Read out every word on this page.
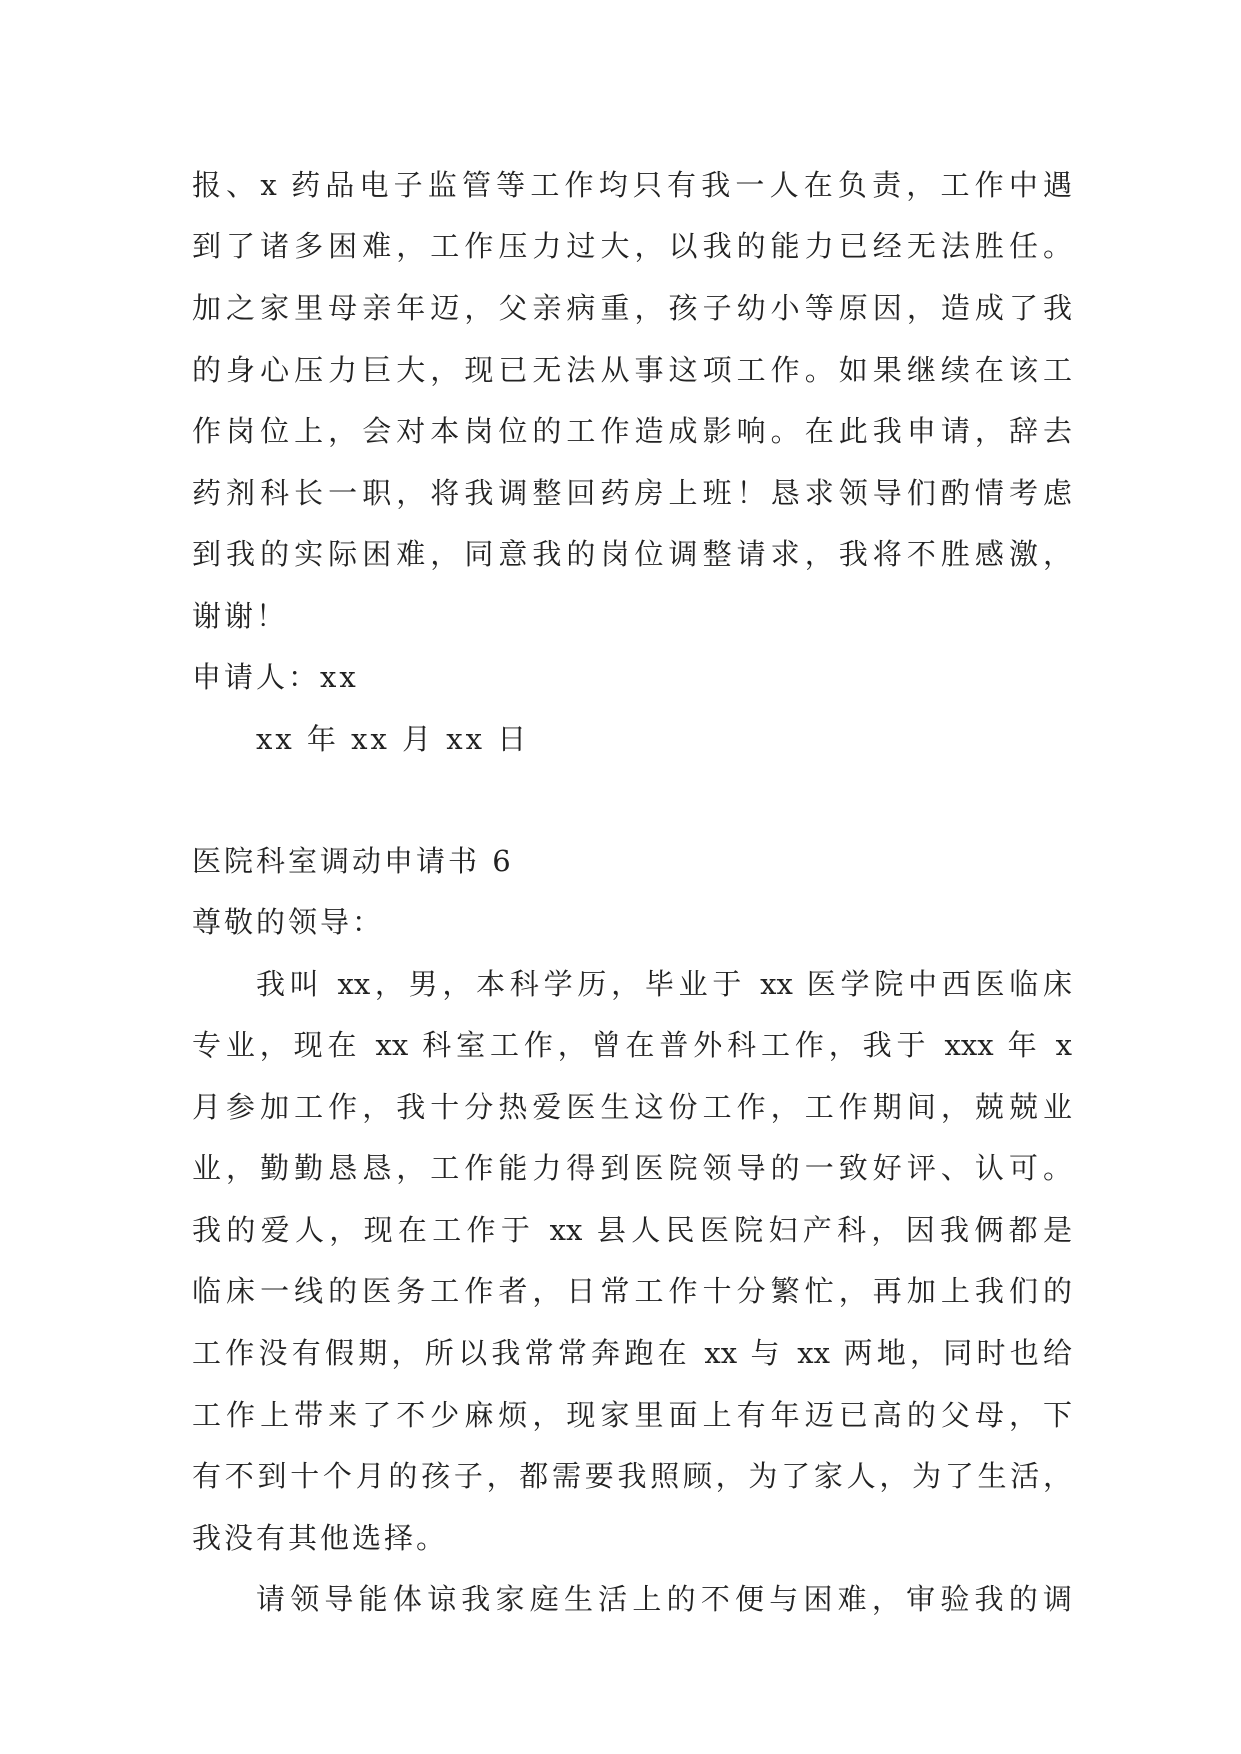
报、x 药品电子监管等工作均只有我一人在负责，工作中遇
到了诸多困难，工作压力过大，以我的能力已经无法胜任。
加之家里母亲年迈，父亲病重，孩子幼小等原因，造成了我
的身心压力巨大，现已无法从事这项工作。如果继续在该工
作岗位上，会对本岗位的工作造成影响。在此我申请，辞去
药剂科长一职，将我调整回药房上班！恳求领导们酌情考虑
到我的实际困难，同意我的岗位调整请求，我将不胜感激，
谢谢！
申请人：xx
xx 年 xx 月 xx 日
医院科室调动申请书 6
尊敬的领导：
我叫 xx，男，本科学历，毕业于 xx 医学院中西医临床
专业，现在 xx 科室工作，曾在普外科工作，我于 xxx 年 x
月参加工作，我十分热爱医生这份工作，工作期间，兢兢业
业，勤勤恳恳，工作能力得到医院领导的一致好评、认可。
我的爱人，现在工作于 xx 县人民医院妇产科，因我俩都是
临床一线的医务工作者，日常工作十分繁忙，再加上我们的
工作没有假期，所以我常常奔跑在 xx 与 xx 两地，同时也给
工作上带来了不少麻烦，现家里面上有年迈已高的父母，下
有不到十个月的孩子，都需要我照顾，为了家人，为了生活，
我没有其他选择。
请领导能体谅我家庭生活上的不便与困难，审验我的调
